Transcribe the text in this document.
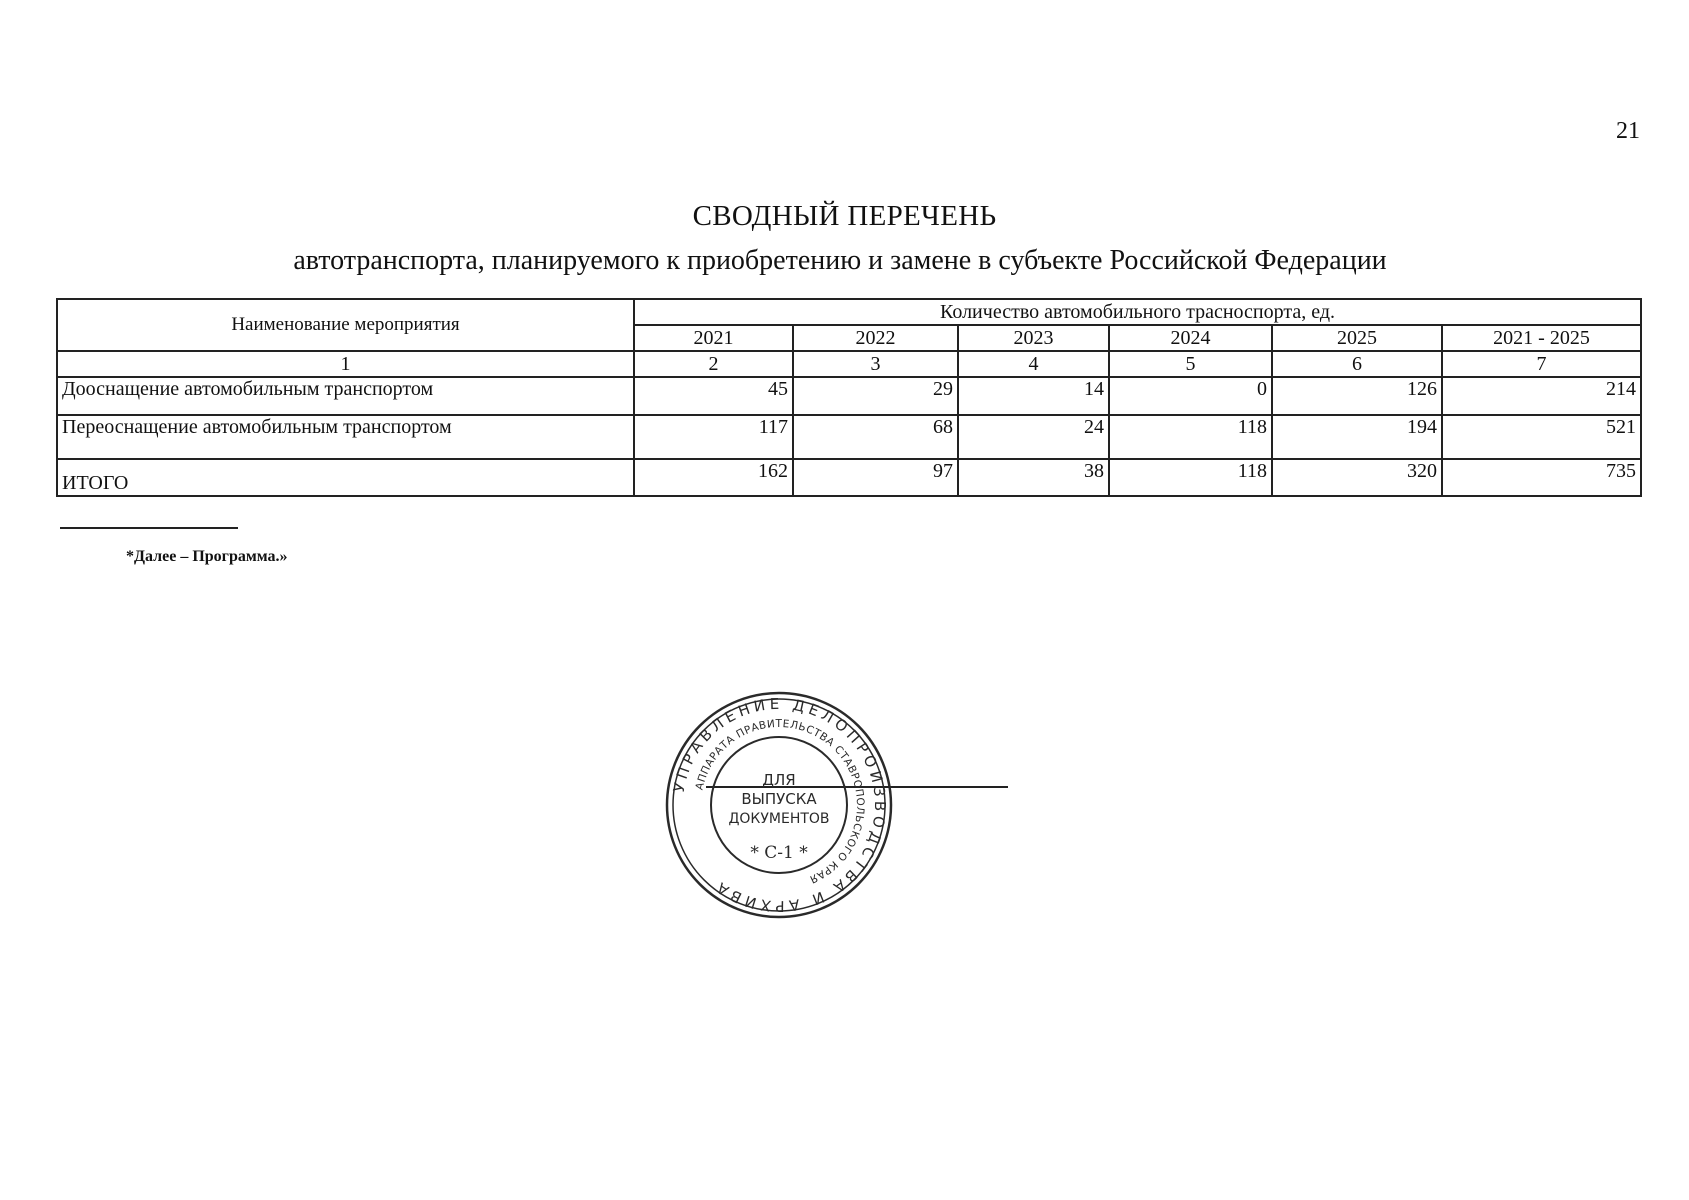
21
СВОДНЫЙ ПЕРЕЧЕНЬ
автотранспорта, планируемого к приобретению и замене в субъекте Российской Федерации
Наименование мероприятия	Количество автомобильного трасноспорта, ед.					
	2021	2022	2023	2024	2025	2021 - 2025
1	2	3	4	5	6	7
Дооснащение автомобильным транспортом	45	29	14	0	126	214
Переоснащение автомобильным транспортом	117	68	24	118	194	521
ИТОГО	162	97	38	118	320	735
*Далее – Программа.»
УПРАВЛЕНИЕ ДЕЛОПРОИЗВОДСТВА И АРХИВА
АППАРАТА ПРАВИТЕЛЬСТВА СТАВРОПОЛЬСКОГО КРАЯ
ДЛЯ
ВЫПУСКА
ДОКУМЕНТОВ
* С-1 *
